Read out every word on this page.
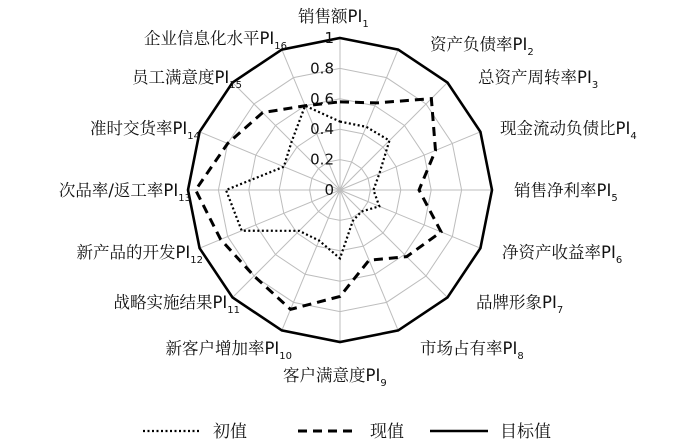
0
0.2
0.4
0.6
0.8
1
销售额$PI_1$
资产负债率$PI_2$
总资产周转率$PI_3$
现金流动负债比$PI_4$
销售净利率$PI_5$
净资产收益率$PI_6$
品牌形象$PI_7$
市场占有率$PI_8$
客户满意度$PI_9$
新客户增加率$PI_{10}$
战略实施结果$PI_{11}$
新产品的开发$PI_{12}$
次品率/返工率$PI_{13}$
准时交货率$PI_{14}$
员工满意度$PI_{15}$
企业信息化水平$PI_{16}$
初值	现值	目标值
